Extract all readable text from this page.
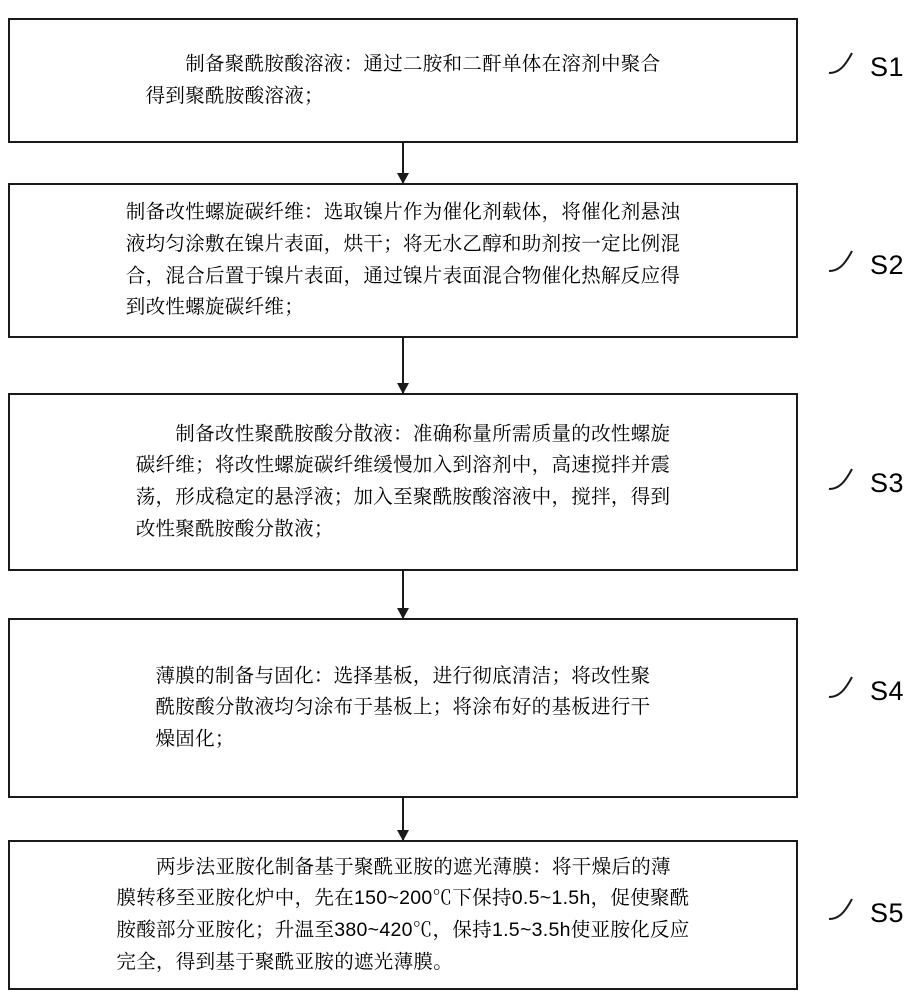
　　制备聚酰胺酸溶液：通过二胺和二酐单体在溶剂中聚合
得到聚酰胺酸溶液；
S1
制备改性螺旋碳纤维：选取镍片作为催化剂载体，将催化剂悬浊
液均匀涂敷在镍片表面，烘干；将无水乙醇和助剂按一定比例混
合，混合后置于镍片表面，通过镍片表面混合物催化热解反应得
到改性螺旋碳纤维；
S2
　　制备改性聚酰胺酸分散液：准确称量所需质量的改性螺旋
碳纤维；将改性螺旋碳纤维缓慢加入到溶剂中，高速搅拌并震
荡，形成稳定的悬浮液；加入至聚酰胺酸溶液中，搅拌，得到
改性聚酰胺酸分散液；
S3
薄膜的制备与固化：选择基板，进行彻底清洁；将改性聚
酰胺酸分散液均匀涂布于基板上；将涂布好的基板进行干
燥固化；
S4
　　两步法亚胺化制备基于聚酰亚胺的遮光薄膜：将干燥后的薄
膜转移至亚胺化炉中，先在150~200℃下保持0.5~1.5h，促使聚酰
胺酸部分亚胺化；升温至380~420℃，保持1.5~3.5h使亚胺化反应
完全，得到基于聚酰亚胺的遮光薄膜。
S5
